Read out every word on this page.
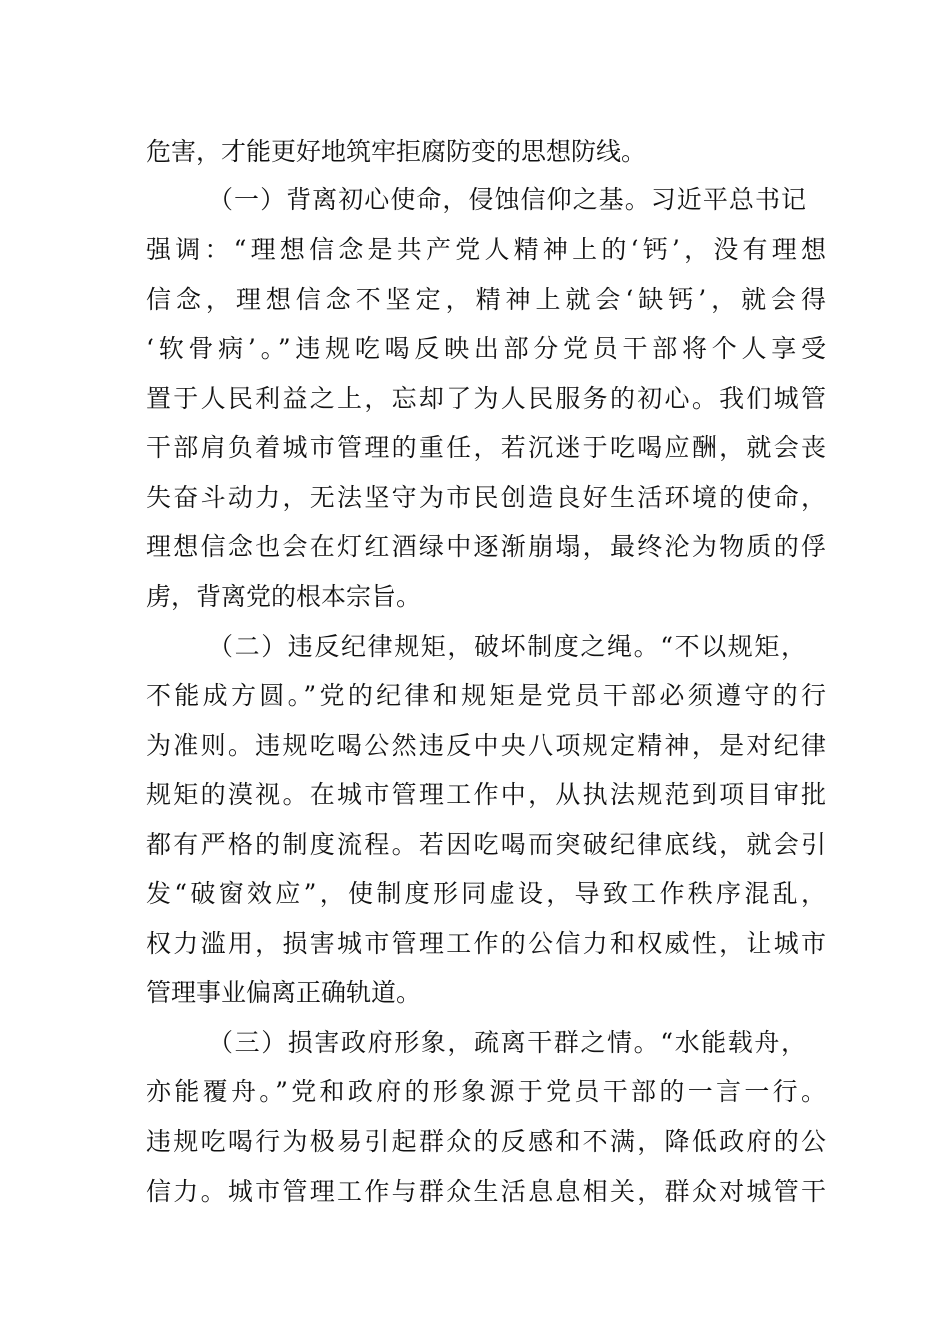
危害，才能更好地筑牢拒腐防变的思想防线。
（一）背离初心使命，侵蚀信仰之基。习近平总书记
强调：“理想信念是共产党人精神上的‘钙’，没有理想
信念，理想信念不坚定，精神上就会‘缺钙’，就会得
‘软骨病’。”违规吃喝反映出部分党员干部将个人享受
置于人民利益之上，忘却了为人民服务的初心。我们城管
干部肩负着城市管理的重任，若沉迷于吃喝应酬，就会丧
失奋斗动力，无法坚守为市民创造良好生活环境的使命，
理想信念也会在灯红酒绿中逐渐崩塌，最终沦为物质的俘
虏，背离党的根本宗旨。
（二）违反纪律规矩，破坏制度之绳。“不以规矩，
不能成方圆。”党的纪律和规矩是党员干部必须遵守的行
为准则。违规吃喝公然违反中央八项规定精神，是对纪律
规矩的漠视。在城市管理工作中，从执法规范到项目审批
都有严格的制度流程。若因吃喝而突破纪律底线，就会引
发“破窗效应”，使制度形同虚设，导致工作秩序混乱，
权力滥用，损害城市管理工作的公信力和权威性，让城市
管理事业偏离正确轨道。
（三）损害政府形象，疏离干群之情。“水能载舟，
亦能覆舟。”党和政府的形象源于党员干部的一言一行。
违规吃喝行为极易引起群众的反感和不满，降低政府的公
信力。城市管理工作与群众生活息息相关，群众对城管干
